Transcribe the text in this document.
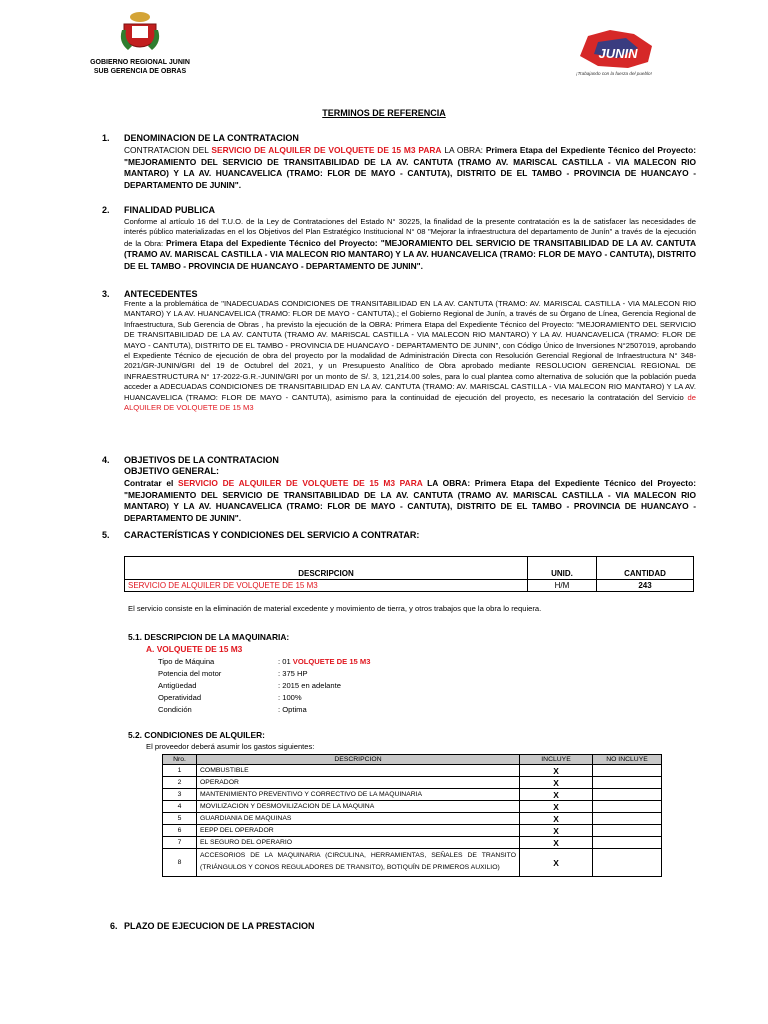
GOBIERNO REGIONAL JUNIN
SUB GERENCIA DE OBRAS
JUNIN
¡Trabajando con la fuerza del pueblo!
TERMINOS DE REFERENCIA
1. DENOMINACION DE LA CONTRATACION
CONTRATACION DEL SERVICIO DE ALQUILER DE VOLQUETE DE 15 M3 PARA LA OBRA: Primera Etapa del Expediente Técnico del Proyecto: "MEJORAMIENTO DEL SERVICIO DE TRANSITABILIDAD DE LA AV. CANTUTA (TRAMO AV. MARISCAL CASTILLA - VIA MALECON RIO MANTARO) Y LA AV. HUANCAVELICA (TRAMO: FLOR DE MAYO - CANTUTA), DISTRITO DE EL TAMBO - PROVINCIA DE HUANCAYO - DEPARTAMENTO DE JUNIN".
2. FINALIDAD PUBLICA
Conforme al artículo 16 del T.U.O. de la Ley de Contrataciones del Estado N° 30225, la finalidad de la presente contratación es la de satisfacer las necesidades de interés público materializadas en el los Objetivos del Plan Estratégico Institucional N° 08 "Mejorar la infraestructura del departamento de Junín" a través de la ejecución de la Obra: Primera Etapa del Expediente Técnico del Proyecto: "MEJORAMIENTO DEL SERVICIO DE TRANSITABILIDAD DE LA AV. CANTUTA (TRAMO AV. MARISCAL CASTILLA - VIA MALECON RIO MANTARO) Y LA AV. HUANCAVELICA (TRAMO: FLOR DE MAYO - CANTUTA), DISTRITO DE EL TAMBO - PROVINCIA DE HUANCAYO - DEPARTAMENTO DE JUNIN".
3. ANTECEDENTES
Frente a la problemática de "INADECUADAS CONDICIONES DE TRANSITABILIDAD EN LA AV. CANTUTA (TRAMO: AV. MARISCAL CASTILLA - VIA MALECON RIO MANTARO) Y LA AV. HUANCAVELICA (TRAMO: FLOR DE MAYO - CANTUTA).; el Gobierno Regional de Junín, a través de su Órgano de Línea, Gerencia Regional de Infraestructura, Sub Gerencia de Obras , ha previsto la ejecución de la OBRA: Primera Etapa del Expediente Técnico del Proyecto: "MEJORAMIENTO DEL SERVICIO DE TRANSITABILIDAD DE LA AV. CANTUTA (TRAMO AV. MARISCAL CASTILLA - VIA MALECON RIO MANTARO) Y LA AV. HUANCAVELICA (TRAMO: FLOR DE MAYO - CANTUTA), DISTRITO DE EL TAMBO - PROVINCIA DE HUANCAYO - DEPARTAMENTO DE JUNIN", con Código Único de Inversiones N°2507019, aprobando el Expediente Técnico de ejecución de obra del proyecto por la modalidad de Administración Directa con Resolución Gerencial Regional de Infraestructura N° 348-2021/GR-JUNIN/GRI del 19 de Octubrel del 2021, y un Presupuesto Analítico de Obra aprobado mediante RESOLUCION GERENCIAL REGIONAL DE INFRAESTRUCTURA N° 17-2022-G.R.-JUNIN/GRI por un monto de S/. 3, 121,214.00 soles, para lo cual plantea como alternativa de solución que la población pueda acceder a ADECUADAS CONDICIONES DE TRANSITABILIDAD EN LA AV. CANTUTA (TRAMO: AV. MARISCAL CASTILLA - VIA MALECON RIO MANTARO) Y LA AV. HUANCAVELICA (TRAMO: FLOR DE MAYO - CANTUTA), asimismo para la continuidad de ejecución del proyecto, es necesario la contratación del Servicio de ALQUILER DE VOLQUETE DE 15 M3
4. OBJETIVOS DE LA CONTRATACION
OBJETIVO GENERAL:
Contratar el SERVICIO DE ALQUILER DE VOLQUETE DE 15 M3 PARA LA OBRA: Primera Etapa del Expediente Técnico del Proyecto: "MEJORAMIENTO DEL SERVICIO DE TRANSITABILIDAD DE LA AV. CANTUTA (TRAMO AV. MARISCAL CASTILLA - VIA MALECON RIO MANTARO) Y LA AV. HUANCAVELICA (TRAMO: FLOR DE MAYO - CANTUTA), DISTRITO DE EL TAMBO - PROVINCIA DE HUANCAYO - DEPARTAMENTO DE JUNIN".
5. CARACTERÍSTICAS Y CONDICIONES DEL SERVICIO A CONTRATAR:
DESCRIPCION	UNID.	CANTIDAD
SERVICIO DE ALQUILER DE VOLQUETE DE 15 M3	H/M	243
El servicio consiste en la eliminación de material excedente y movimiento de tierra, y otros trabajos que la obra lo requiera.
5.1. DESCRIPCION DE LA MAQUINARIA:
A. VOLQUETE DE 15 M3
Tipo de Máquina	: 01 VOLQUETE DE 15 M3
Potencia del motor	: 375 HP
Antigüedad	: 2015 en adelante
Operatividad	: 100%
Condición	: Optima
5.2. CONDICIONES DE ALQUILER:
El proveedor deberá asumir los gastos siguientes:
Nro.	DESCRIPCION	INCLUYE	NO INCLUYE
1	COMBUSTIBLE	X	
2	OPERADOR	X	
3	MANTENIMIENTO PREVENTIVO Y CORRECTIVO DE LA MAQUINARIA	X	
4	MOVILIZACION Y DESMOVILIZACION DE LA MAQUINA	X	
5	GUARDIANIA DE MAQUINAS	X	
6	EEPP DEL OPERADOR	X	
7	EL SEGURO DEL OPERARIO	X	
8	ACCESORIOS DE LA MAQUINARIA (CIRCULINA, HERRAMIENTAS, SEÑALES DE TRANSITO (TRIÁNGULOS Y CONOS REGULADORES DE TRANSITO), BOTIQUÍN DE PRIMEROS AUXILIO)	X	
6. PLAZO DE EJECUCION DE LA PRESTACION
